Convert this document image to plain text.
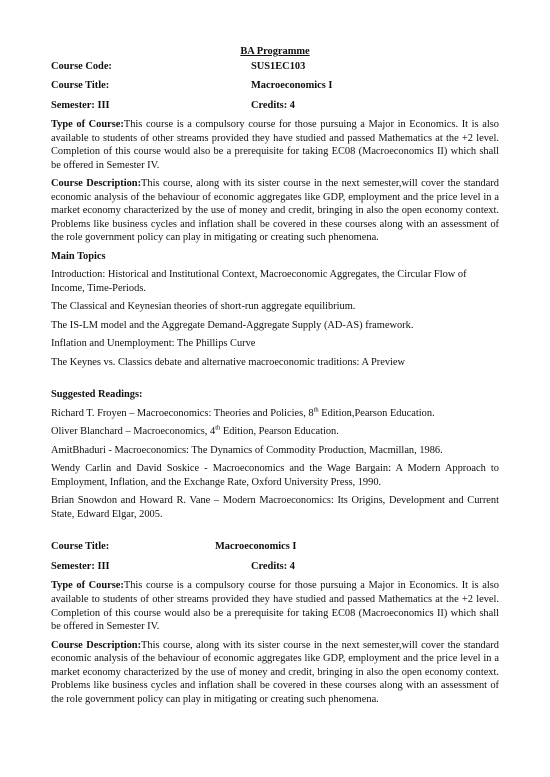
BA Programme
Course Code:	SUS1EC103
Course Title:	Macroeconomics I
Semester: III	Credits: 4

Type of Course:This course is a compulsory course for those pursuing a Major in Economics. It is also available to students of other streams provided they have studied and passed Mathematics at the +2 level. Completion of this course would also be a prerequisite for taking EC08 (Macroeconomics II) which shall be offered in Semester IV.

Course Description:This course, along with its sister course in the next semester,will cover the standard economic analysis of the behaviour of economic aggregates like GDP, employment and the price level in a market economy characterized by the use of money and credit, bringing in also the open economy context. Problems like business cycles and inflation shall be covered in these courses along with an assessment of the role government policy can play in mitigating or creating such phenomena.

Main Topics

Introduction: Historical and Institutional Context, Macroeconomic Aggregates, the Circular Flow of Income, Time-Periods.

The Classical and Keynesian theories of short-run aggregate equilibrium.

The IS-LM model and the Aggregate Demand-Aggregate Supply (AD-AS) framework.

Inflation and Unemployment: The Phillips Curve

The Keynes vs. Classics debate and alternative macroeconomic traditions: A Preview

Suggested Readings:

Richard T. Froyen – Macroeconomics: Theories and Policies, 8th Edition,Pearson Education.

Oliver Blanchard – Macroeconomics, 4th Edition, Pearson Education.

AmitBhaduri - Macroeconomics: The Dynamics of Commodity Production, Macmillan, 1986.

Wendy Carlin and David Soskice - Macroeconomics and the Wage Bargain: A Modern Approach to Employment, Inflation, and the Exchange Rate, Oxford University Press, 1990.

Brian Snowdon and Howard R. Vane – Modern Macroeconomics: Its Origins, Development and Current State, Edward Elgar, 2005.

Course Title:	Macroeconomics I
Semester: III	Credits: 4

Type of Course:This course is a compulsory course for those pursuing a Major in Economics. It is also available to students of other streams provided they have studied and passed Mathematics at the +2 level. Completion of this course would also be a prerequisite for taking EC08 (Macroeconomics II) which shall be offered in Semester IV.

Course Description:This course, along with its sister course in the next semester,will cover the standard economic analysis of the behaviour of economic aggregates like GDP, employment and the price level in a market economy characterized by the use of money and credit, bringing in also the open economy context. Problems like business cycles and inflation shall be covered in these courses along with an assessment of the role government policy can play in mitigating or creating such phenomena.
